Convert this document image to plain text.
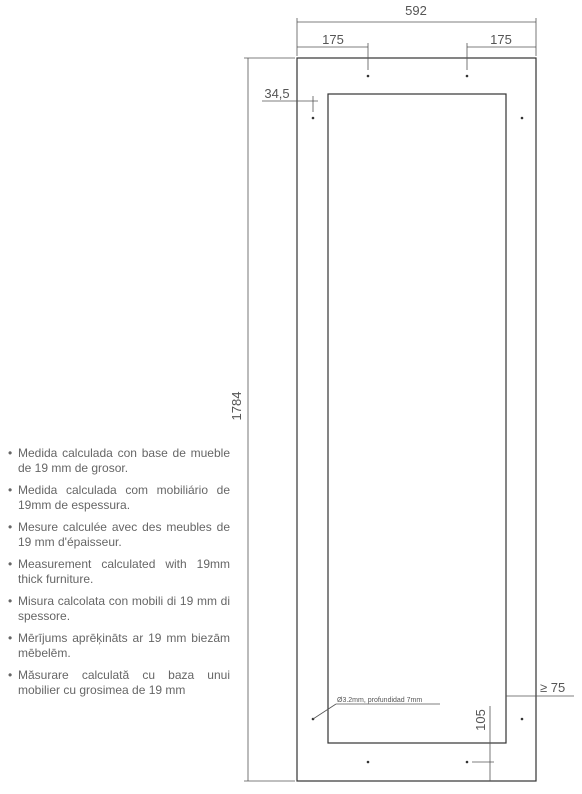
592
175	175
34,5
1784
≥ 75
105
Ø3.2mm, profundidad 7mm
• Medida calculada con base de mueble de 19 mm de grosor.
• Medida calculada com mobiliário de 19mm de espessura.
• Mesure calculée avec des meubles de 19 mm d'épaisseur.
• Measurement calculated with 19mm thick furniture.
• Misura calcolata con mobili di 19 mm di spessore.
• Mērījums aprēķināts ar 19 mm biezām mēbelēm.
• Măsurare calculată cu baza unui mobilier cu grosimea de 19 mm
